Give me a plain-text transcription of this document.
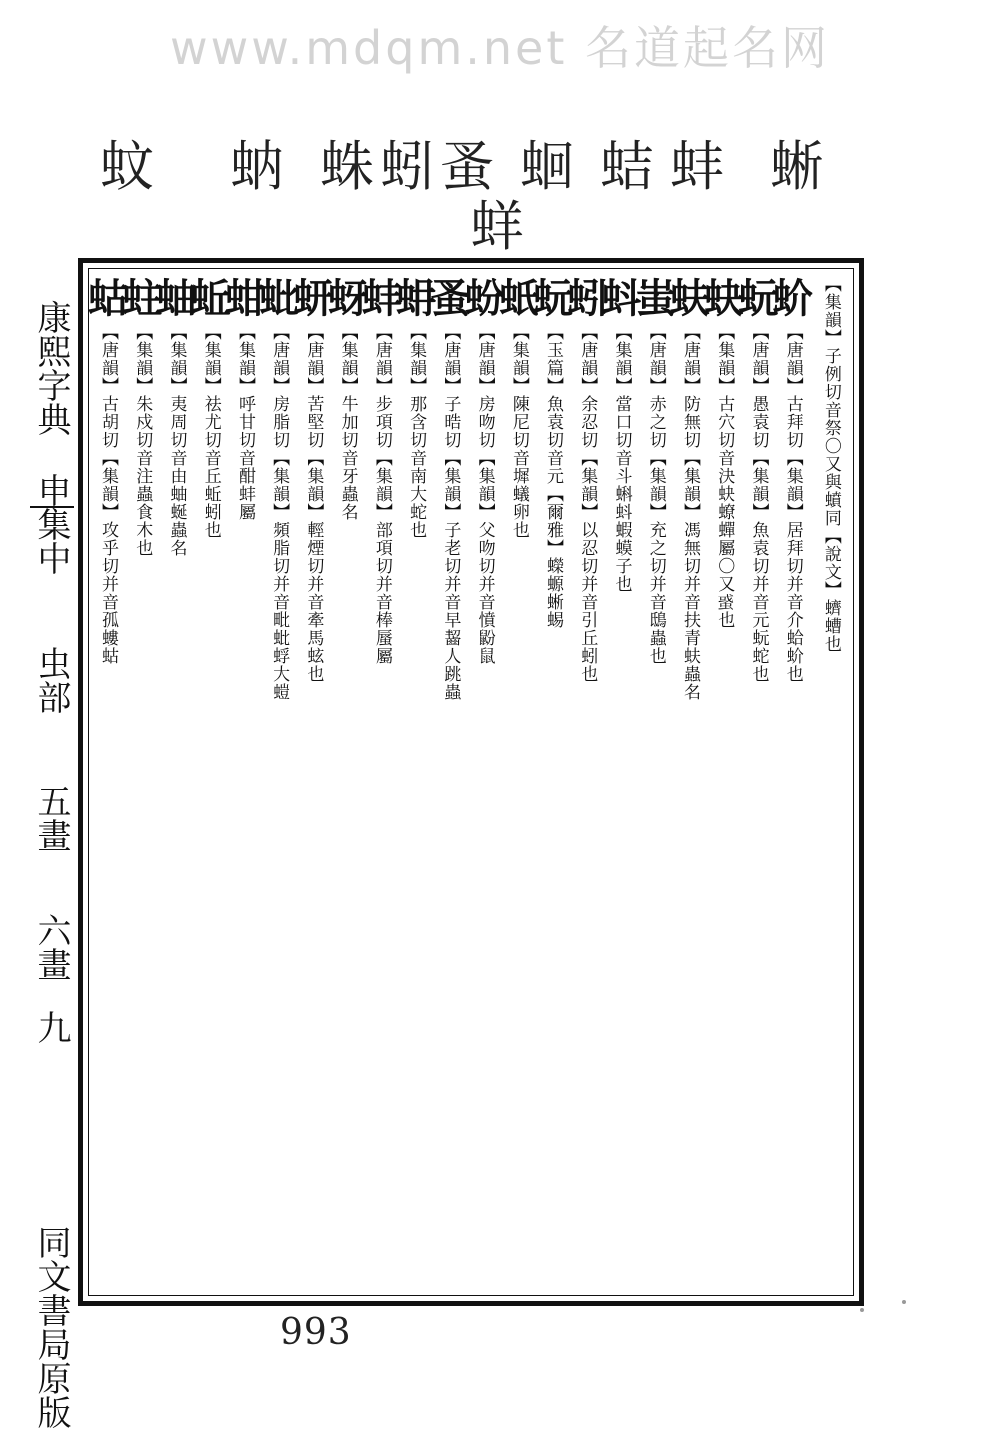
www.mdqm.net 名道起名网
蚊 蚋 蛛 蚓 蚤 蛔 蛣 蚌 蜥
蛘
康熙字典 申集中 虫部 五畫 六畫 九 同文書局原版
【集韻】子例切音祭〇又與蟦同【說文】蠐螬也
蚧【唐韻】古拜切【集韻】居拜切并音介蛤蚧也
蚖【唐韻】愚袁切【集韻】魚袁切并音元蚖蛇也
蚗【集韻】古穴切音決蚗蟟蟬屬〇又𧌒也
蚨【唐韻】防無切【集韻】馮無切并音扶青蚨蟲名
蚩【唐韻】赤之切【集韻】充之切并音鴟蟲也
蚪【集韻】當口切音斗蝌蚪蝦蟆子也
蚓【唐韻】余忍切【集韻】以忍切并音引丘蚓也
蚖【玉篇】魚袁切音元【爾雅】蠑螈蜥蜴
蚔【集韻】陳尼切音墀蟻卵也
蚡【唐韻】房吻切【集韻】父吻切并音憤鼢鼠
蚤【唐韻】子晧切【集韻】子老切并音早齧人跳蟲
蚦【集韻】那含切音南大蛇也
蚌【唐韻】步項切【集韻】部項切并音棒蜃屬
蚜【集韻】牛加切音牙蟲名
蚈【唐韻】苦堅切【集韻】輕煙切并音牽馬蚿也
蚍【唐韻】房脂切【集韻】頻脂切并音毗蚍蜉大螘
蚶【集韻】呼甘切音酣蚌屬
蚯【集韻】祛尤切音丘蚯蚓也
蚰【集韻】夷周切音由蚰蜒蟲名
蛀【集韻】朱戍切音注蟲食木也
蛄【唐韻】古胡切【集韻】攻乎切并音孤螻蛄
993
